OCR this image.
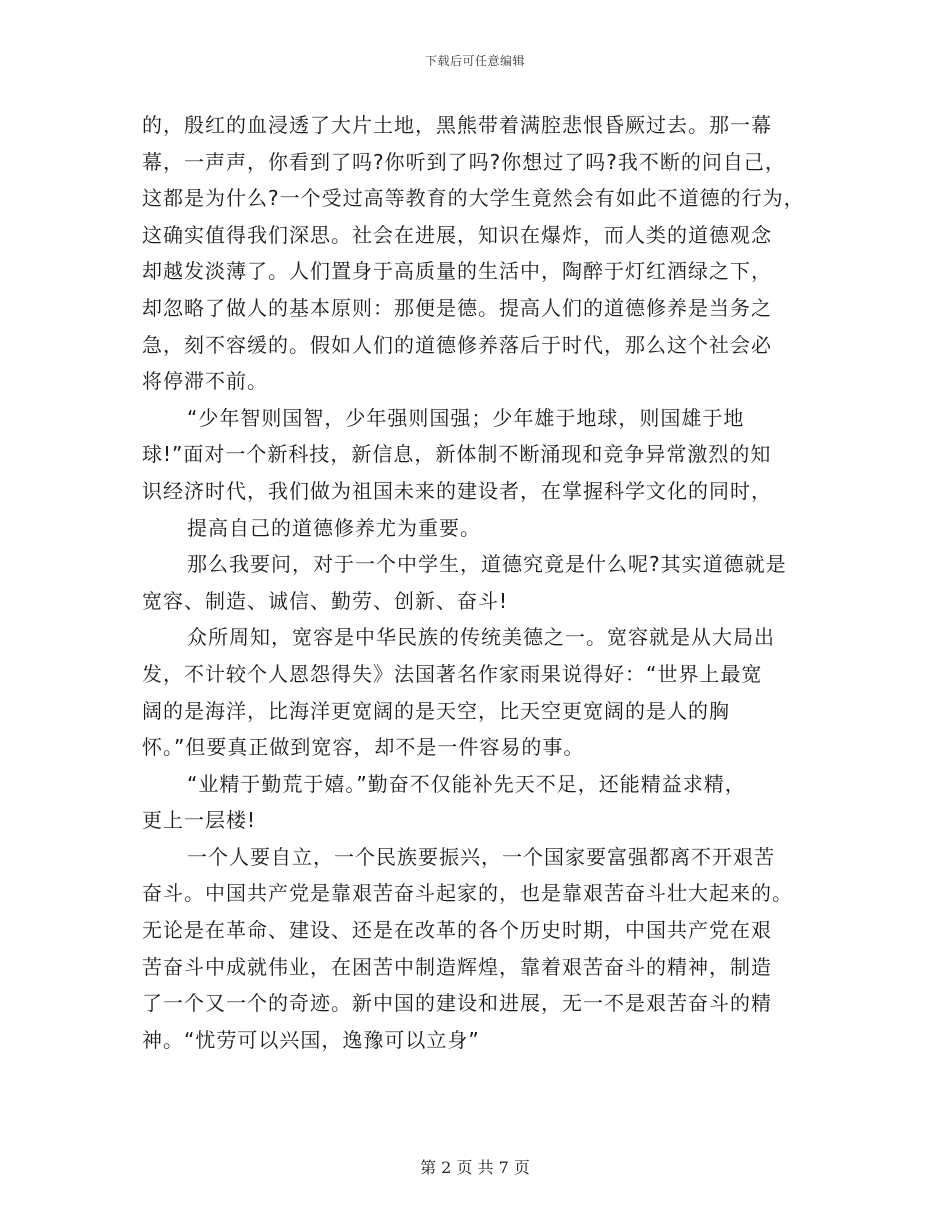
下载后可任意编辑
的，殷红的血浸透了大片土地，黑熊带着满腔悲恨昏厥过去。那一幕
幕，一声声，你看到了吗?你听到了吗?你想过了吗?我不断的问自己，
这都是为什么?一个受过高等教育的大学生竟然会有如此不道德的行为，
这确实值得我们深思。社会在进展，知识在爆炸，而人类的道德观念
却越发淡薄了。人们置身于高质量的生活中，陶醉于灯红酒绿之下，
却忽略了做人的基本原则：那便是德。提高人们的道德修养是当务之
急，刻不容缓的。假如人们的道德修养落后于时代，那么这个社会必
将停滞不前。
“少年智则国智，少年强则国强；少年雄于地球，则国雄于地
球!”面对一个新科技，新信息，新体制不断涌现和竞争异常激烈的知
识经济时代，我们做为祖国未来的建设者，在掌握科学文化的同时，
提高自己的道德修养尤为重要。
那么我要问，对于一个中学生，道德究竟是什么呢?其实道德就是
宽容、制造、诚信、勤劳、创新、奋斗!
众所周知，宽容是中华民族的传统美德之一。宽容就是从大局出
发，不计较个人恩怨得失》法国著名作家雨果说得好：“世界上最宽
阔的是海洋，比海洋更宽阔的是天空，比天空更宽阔的是人的胸
怀。”但要真正做到宽容，却不是一件容易的事。
“业精于勤荒于嬉。”勤奋不仅能补先天不足，还能精益求精，
更上一层楼!
一个人要自立，一个民族要振兴，一个国家要富强都离不开艰苦
奋斗。中国共产党是靠艰苦奋斗起家的，也是靠艰苦奋斗壮大起来的。
无论是在革命、建设、还是在改革的各个历史时期，中国共产党在艰
苦奋斗中成就伟业，在困苦中制造辉煌，靠着艰苦奋斗的精神，制造
了一个又一个的奇迹。新中国的建设和进展，无一不是艰苦奋斗的精
神。“忧劳可以兴国，逸豫可以立身”
第 2 页 共 7 页
